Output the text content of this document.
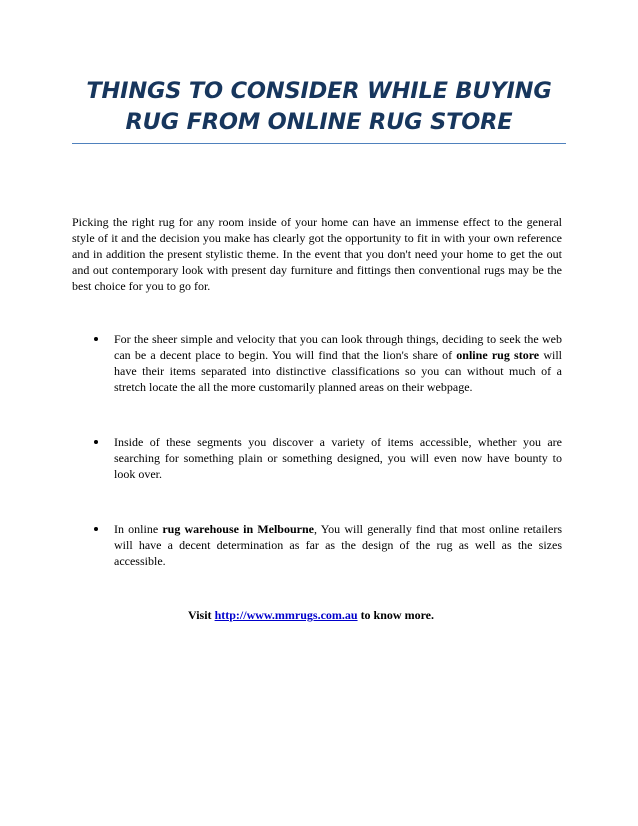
THINGS TO CONSIDER WHILE BUYING
RUG FROM ONLINE RUG STORE

Picking the right rug for any room inside of your home can have an immense effect to the general style of it and the decision you make has clearly got the opportunity to fit in with your own reference and in addition the present stylistic theme. In the event that you don't need your home to get the out and out contemporary look with present day furniture and fittings then conventional rugs may be the best choice for you to go for.

For the sheer simple and velocity that you can look through things, deciding to seek the web can be a decent place to begin. You will find that the lion's share of online rug store will have their items separated into distinctive classifications so you can without much of a stretch locate the all the more customarily planned areas on their webpage.

Inside of these segments you discover a variety of items accessible, whether you are searching for something plain or something designed, you will even now have bounty to look over.

In online rug warehouse in Melbourne, You will generally find that most online retailers will have a decent determination as far as the design of the rug as well as the sizes accessible.

Visit http://www.mmrugs.com.au to know more.
